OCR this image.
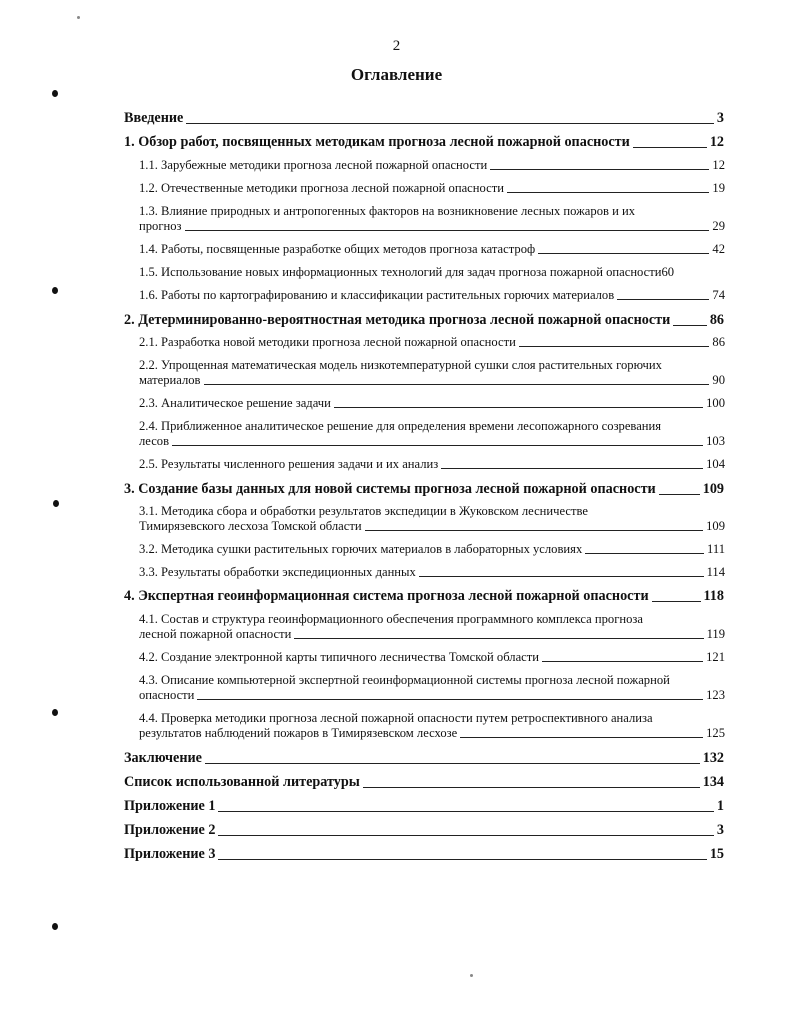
2
Оглавление
Введение	3
1. Обзор работ, посвященных методикам прогноза лесной пожарной опасности	12
1.1. Зарубежные методики прогноза лесной пожарной опасности	12
1.2. Отечественные методики прогноза лесной пожарной опасности	19
1.3. Влияние природных и антропогенных факторов на возникновение лесных пожаров и их
прогноз	29
1.4. Работы, посвященные разработке общих методов прогноза катастроф	42
1.5. Использование новых информационных технологий для задач прогноза пожарной опасности 60
1.6. Работы по картографированию и классификации растительных горючих материалов	74
2. Детерминированно-вероятностная методика прогноза лесной пожарной опасности	86
2.1. Разработка новой методики прогноза лесной пожарной опасности	86
2.2. Упрощенная математическая модель низкотемпературной сушки слоя растительных горючих
материалов	90
2.3. Аналитическое решение задачи	100
2.4. Приближенное аналитическое решение для определения времени лесопожарного созревания
лесов	103
2.5. Результаты численного решения задачи и их анализ	104
3. Создание базы данных для новой системы прогноза лесной пожарной опасности	109
3.1. Методика сбора и обработки результатов экспедиции в Жуковском лесничестве
Тимирязевского лесхоза Томской области	109
3.2. Методика сушки растительных горючих материалов в лабораторных условиях	111
3.3. Результаты обработки экспедиционных данных	114
4. Экспертная геоинформационная система прогноза лесной пожарной опасности	118
4.1. Состав и структура геоинформационного обеспечения программного комплекса прогноза
лесной пожарной опасности	119
4.2. Создание электронной карты типичного лесничества Томской области	121
4.3. Описание компьютерной экспертной геоинформационной системы прогноза лесной пожарной
опасности	123
4.4. Проверка методики прогноза лесной пожарной опасности путем ретроспективного анализа
результатов наблюдений пожаров в Тимирязевском лесхозе	125
Заключение	132
Список использованной литературы	134
Приложение 1	1
Приложение 2	3
Приложение 3	15
